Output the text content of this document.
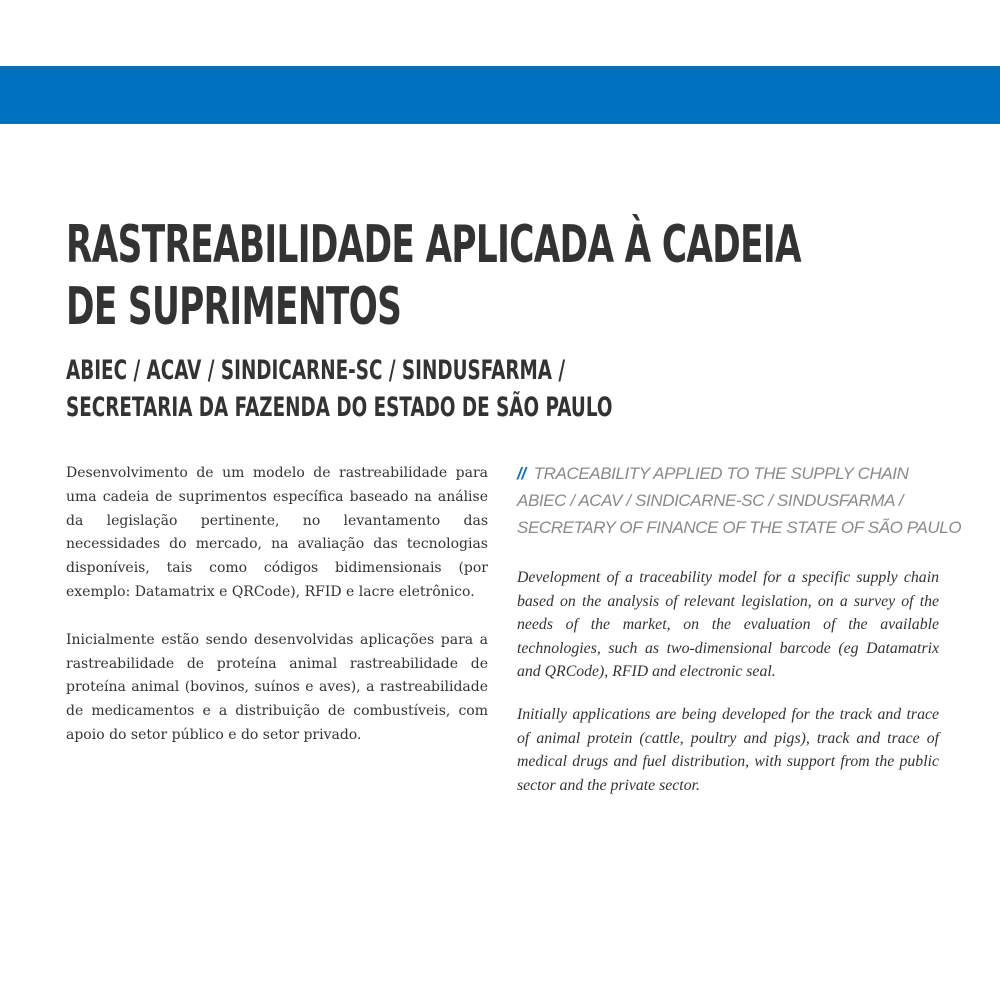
RASTREABILIDADE APLICADA À CADEIA
DE SUPRIMENTOS
ABIEC / ACAV / SINDICARNE-SC / SINDUSFARMA /
SECRETARIA DA FAZENDA DO ESTADO DE SÃO PAULO

Desenvolvimento de um modelo de rastreabilidade para uma cadeia de suprimentos específica baseado na análise da legislação pertinente, no levantamento das necessidades do mercado, na avaliação das tecnologias disponíveis, tais como códigos bidimensionais (por exemplo: Datamatrix e QRCode), RFID e lacre eletrônico.

Inicialmente estão sendo desenvolvidas aplicações para a rastreabilidade de proteína animal rastreabilidade de proteína animal (bovinos, suínos e aves), a rastreabilidade de medicamentos e a distribuição de combustíveis, com apoio do setor público e do setor privado.

// TRACEABILITY APPLIED TO THE SUPPLY CHAIN
ABIEC / ACAV / SINDICARNE-SC / SINDUSFARMA /
SECRETARY OF FINANCE OF THE STATE OF SÃO PAULO

Development of a traceability model for a specific supply chain based on the analysis of relevant legislation, on a survey of the needs of the market, on the evaluation of the available technologies, such as two-dimensional barcode (eg Datamatrix and QRCode), RFID and electronic seal.

Initially applications are being developed for the track and trace of animal protein (cattle, poultry and pigs), track and trace of medical drugs and fuel distribution, with support from the public sector and the private sector.
